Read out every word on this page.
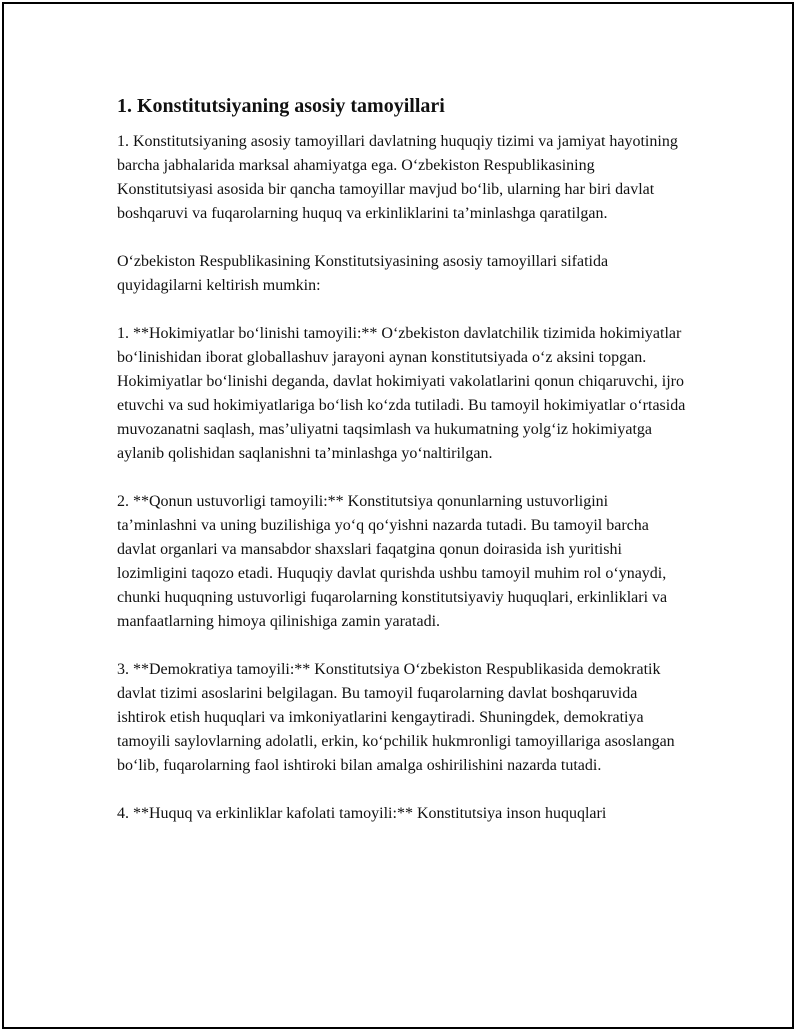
1. Konstitutsiyaning asosiy tamoyillari

1. Konstitutsiyaning asosiy tamoyillari davlatning huquqiy tizimi va jamiyat hayotining barcha jabhalarida marksal ahamiyatga ega. O‘zbekiston Respublikasining Konstitutsiyasi asosida bir qancha tamoyillar mavjud bo‘lib, ularning har biri davlat boshqaruvi va fuqarolarning huquq va erkinliklarini ta’minlashga qaratilgan.

O‘zbekiston Respublikasining Konstitutsiyasining asosiy tamoyillari sifatida quyidagilarni keltirish mumkin:

1. **Hokimiyatlar bo‘linishi tamoyili:** O‘zbekiston davlatchilik tizimida hokimiyatlar bo‘linishidan iborat globallashuv jarayoni aynan konstitutsiyada o‘z aksini topgan. Hokimiyatlar bo‘linishi deganda, davlat hokimiyati vakolatlarini qonun chiqaruvchi, ijro etuvchi va sud hokimiyatlariga bo‘lish ko‘zda tutiladi. Bu tamoyil hokimiyatlar o‘rtasida muvozanatni saqlash, mas’uliyatni taqsimlash va hukumatning yolg‘iz hokimiyatga aylanib qolishidan saqlanishni ta’minlashga yo‘naltirilgan.

2. **Qonun ustuvorligi tamoyili:** Konstitutsiya qonunlarning ustuvorligini ta’minlashni va uning buzilishiga yo‘q qo‘yishni nazarda tutadi. Bu tamoyil barcha davlat organlari va mansabdor shaxslari faqatgina qonun doirasida ish yuritishi lozimligini taqozo etadi. Huquqiy davlat qurishda ushbu tamoyil muhim rol o‘ynaydi, chunki huquqning ustuvorligi fuqarolarning konstitutsiyaviy huquqlari, erkinliklari va manfaatlarning himoya qilinishiga zamin yaratadi.

3. **Demokratiya tamoyili:** Konstitutsiya O‘zbekiston Respublikasida demokratik davlat tizimi asoslarini belgilagan. Bu tamoyil fuqarolarning davlat boshqaruvida ishtirok etish huquqlari va imkoniyatlarini kengaytiradi. Shuningdek, demokratiya tamoyili saylovlarning adolatli, erkin, ko‘pchilik hukmronligi tamoyillariga asoslangan bo‘lib, fuqarolarning faol ishtiroki bilan amalga oshirilishini nazarda tutadi.

4. **Huquq va erkinliklar kafolati tamoyili:** Konstitutsiya inson huquqlari
